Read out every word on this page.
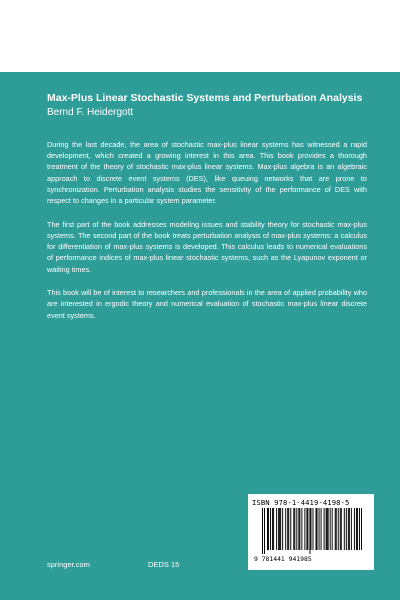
Max-Plus Linear Stochastic Systems and Perturbation Analysis
Bernd F. Heidergott

During the last decade, the area of stochastic max-plus linear systems has witnessed a rapid development, which created a growing interest in this area. This book provides a thorough treatment of the theory of stochastic max-plus linear systems. Max-plus algebra is an algebraic approach to discrete event systems (DES), like queuing networks that are prone to synchronization. Perturbation analysis studies the sensitivity of the performance of DES with respect to changes in a particular system parameter.

The first part of the book addresses modeling issues and stability theory for stochastic max-plus systems. The second part of the book treats perturbation analysis of max-plus systems: a calculus for differentiation of max-plus systems is developed. This calculus leads to numerical evaluations of performance indices of max-plus linear stochastic systems, such as the Lyapunov exponent or waiting times.

This book will be of interest to researchers and professionals in the area of applied probability who are interested in ergodic theory and numerical evaluation of stochastic max-plus linear discrete event systems.

springer.com	DEDS 15
ISBN 978-1-4419-4198-5
9 781441 941985
